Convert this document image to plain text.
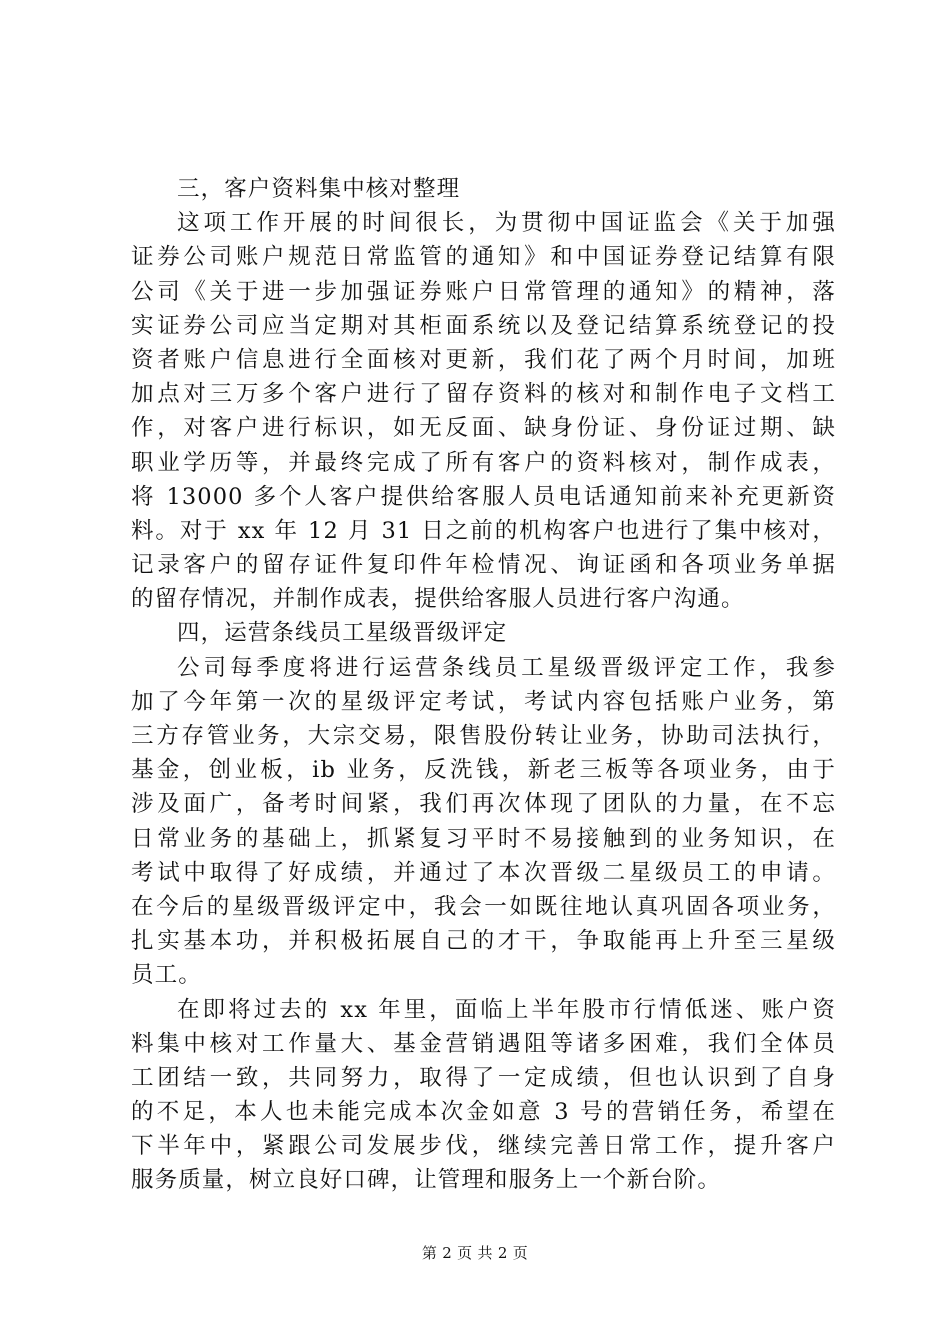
三，客户资料集中核对整理
这项工作开展的时间很长，为贯彻中国证监会《关于加强
证券公司账户规范日常监管的通知》和中国证券登记结算有限
公司《关于进一步加强证券账户日常管理的通知》的精神，落
实证券公司应当定期对其柜面系统以及登记结算系统登记的投
资者账户信息进行全面核对更新，我们花了两个月时间，加班
加点对三万多个客户进行了留存资料的核对和制作电子文档工
作，对客户进行标识，如无反面、缺身份证、身份证过期、缺
职业学历等，并最终完成了所有客户的资料核对，制作成表，
将 13000 多个人客户提供给客服人员电话通知前来补充更新资
料。对于 xx 年 12 月 31 日之前的机构客户也进行了集中核对，
记录客户的留存证件复印件年检情况、询证函和各项业务单据
的留存情况，并制作成表，提供给客服人员进行客户沟通。
四，运营条线员工星级晋级评定
公司每季度将进行运营条线员工星级晋级评定工作，我参
加了今年第一次的星级评定考试，考试内容包括账户业务，第
三方存管业务，大宗交易，限售股份转让业务，协助司法执行，
基金，创业板，ib 业务，反洗钱，新老三板等各项业务，由于
涉及面广，备考时间紧，我们再次体现了团队的力量，在不忘
日常业务的基础上，抓紧复习平时不易接触到的业务知识，在
考试中取得了好成绩，并通过了本次晋级二星级员工的申请。
在今后的星级晋级评定中，我会一如既往地认真巩固各项业务，
扎实基本功，并积极拓展自己的才干，争取能再上升至三星级
员工。
在即将过去的 xx 年里，面临上半年股市行情低迷、账户资
料集中核对工作量大、基金营销遇阻等诸多困难，我们全体员
工团结一致，共同努力，取得了一定成绩，但也认识到了自身
的不足，本人也未能完成本次金如意 3 号的营销任务，希望在
下半年中，紧跟公司发展步伐，继续完善日常工作，提升客户
服务质量，树立良好口碑，让管理和服务上一个新台阶。
第 2 页 共 2 页
